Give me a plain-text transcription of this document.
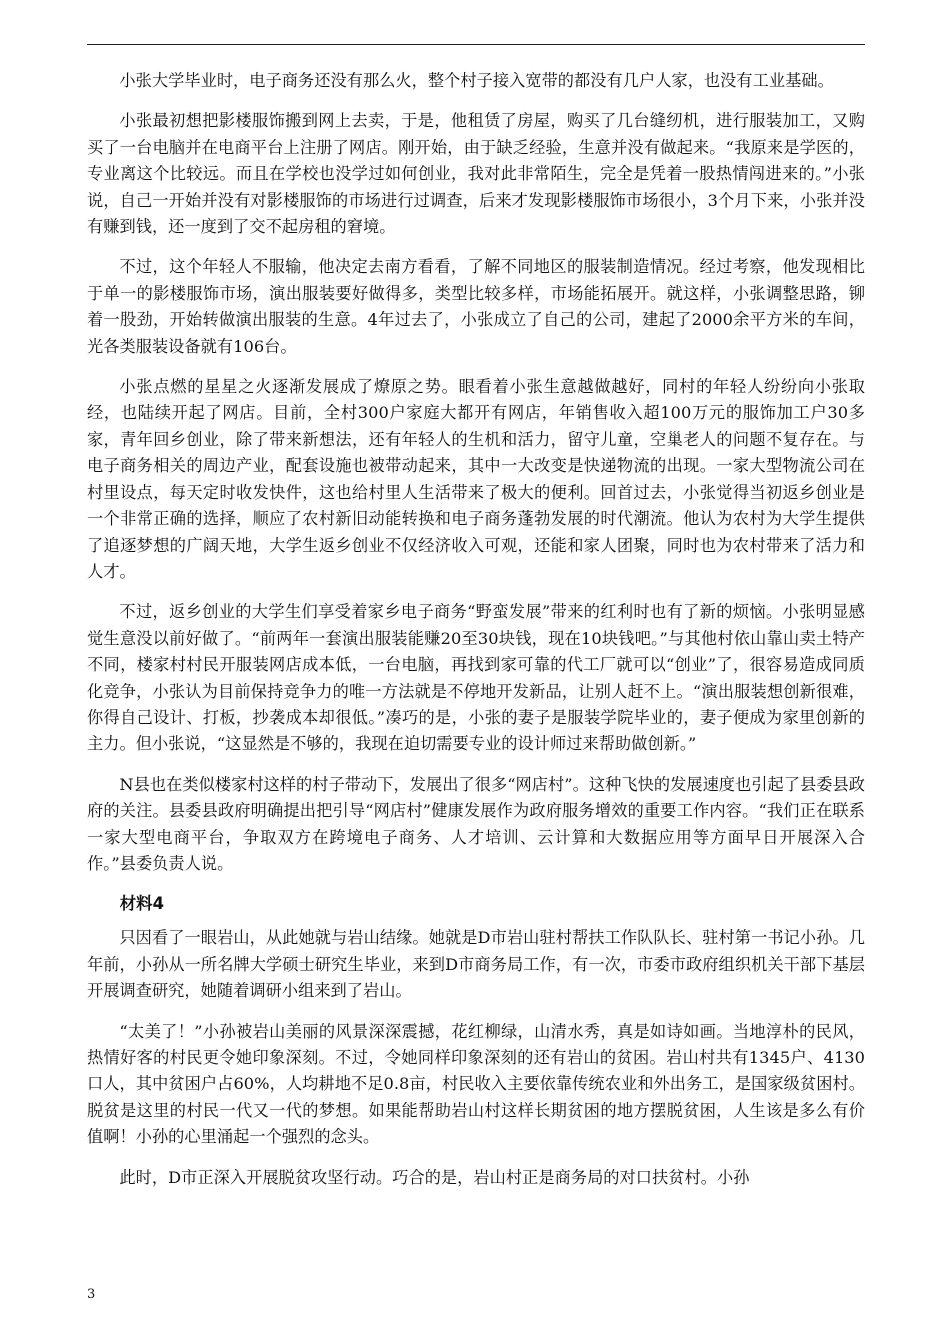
小张大学毕业时，电子商务还没有那么火，整个村子接入宽带的都没有几户人家，也没有工业基础。

小张最初想把影楼服饰搬到网上去卖，于是，他租赁了房屋，购买了几台缝纫机，进行服装加工，又购买了一台电脑并在电商平台上注册了网店。刚开始，由于缺乏经验，生意并没有做起来。“我原来是学医的，专业离这个比较远。而且在学校也没学过如何创业，我对此非常陌生，完全是凭着一股热情闯进来的。”小张说，自己一开始并没有对影楼服饰的市场进行过调查，后来才发现影楼服饰市场很小，3个月下来，小张并没有赚到钱，还一度到了交不起房租的窘境。

不过，这个年轻人不服输，他决定去南方看看，了解不同地区的服装制造情况。经过考察，他发现相比于单一的影楼服饰市场，演出服装要好做得多，类型比较多样，市场能拓展开。就这样，小张调整思路，铆着一股劲，开始转做演出服装的生意。4年过去了，小张成立了自己的公司，建起了2000余平方米的车间，光各类服装设备就有106台。

小张点燃的星星之火逐渐发展成了燎原之势。眼看着小张生意越做越好，同村的年轻人纷纷向小张取经，也陆续开起了网店。目前，全村300户家庭大都开有网店，年销售收入超100万元的服饰加工户30多家，青年回乡创业，除了带来新想法，还有年轻人的生机和活力，留守儿童，空巢老人的问题不复存在。与电子商务相关的周边产业，配套设施也被带动起来，其中一大改变是快递物流的出现。一家大型物流公司在村里设点，每天定时收发快件，这也给村里人生活带来了极大的便利。回首过去，小张觉得当初返乡创业是一个非常正确的选择，顺应了农村新旧动能转换和电子商务蓬勃发展的时代潮流。他认为农村为大学生提供了追逐梦想的广阔天地，大学生返乡创业不仅经济收入可观，还能和家人团聚，同时也为农村带来了活力和人才。

不过，返乡创业的大学生们享受着家乡电子商务“野蛮发展”带来的红利时也有了新的烦恼。小张明显感觉生意没以前好做了。“前两年一套演出服装能赚20至30块钱，现在10块钱吧。”与其他村依山靠山卖土特产不同，楼家村村民开服装网店成本低，一台电脑，再找到家可靠的代工厂就可以“创业”了，很容易造成同质化竞争，小张认为目前保持竞争力的唯一方法就是不停地开发新品，让别人赶不上。“演出服装想创新很难，你得自己设计、打板，抄袭成本却很低。”凑巧的是，小张的妻子是服装学院毕业的，妻子便成为家里创新的主力。但小张说，“这显然是不够的，我现在迫切需要专业的设计师过来帮助做创新。”

N县也在类似楼家村这样的村子带动下，发展出了很多“网店村”。这种飞快的发展速度也引起了县委县政府的关注。县委县政府明确提出把引导“网店村”健康发展作为政府服务增效的重要工作内容。“我们正在联系一家大型电商平台，争取双方在跨境电子商务、人才培训、云计算和大数据应用等方面早日开展深入合作。”县委负责人说。

材料4

只因看了一眼岩山，从此她就与岩山结缘。她就是D市岩山驻村帮扶工作队队长、驻村第一书记小孙。几年前，小孙从一所名牌大学硕士研究生毕业，来到D市商务局工作，有一次，市委市政府组织机关干部下基层开展调查研究，她随着调研小组来到了岩山。

“太美了！”小孙被岩山美丽的风景深深震撼，花红柳绿，山清水秀，真是如诗如画。当地淳朴的民风，热情好客的村民更令她印象深刻。不过，令她同样印象深刻的还有岩山的贫困。岩山村共有1345户、4130口人，其中贫困户占60%，人均耕地不足0.8亩，村民收入主要依靠传统农业和外出务工，是国家级贫困村。脱贫是这里的村民一代又一代的梦想。如果能帮助岩山村这样长期贫困的地方摆脱贫困，人生该是多么有价值啊！小孙的心里涌起一个强烈的念头。

此时，D市正深入开展脱贫攻坚行动。巧合的是，岩山村正是商务局的对口扶贫村。小孙

3
